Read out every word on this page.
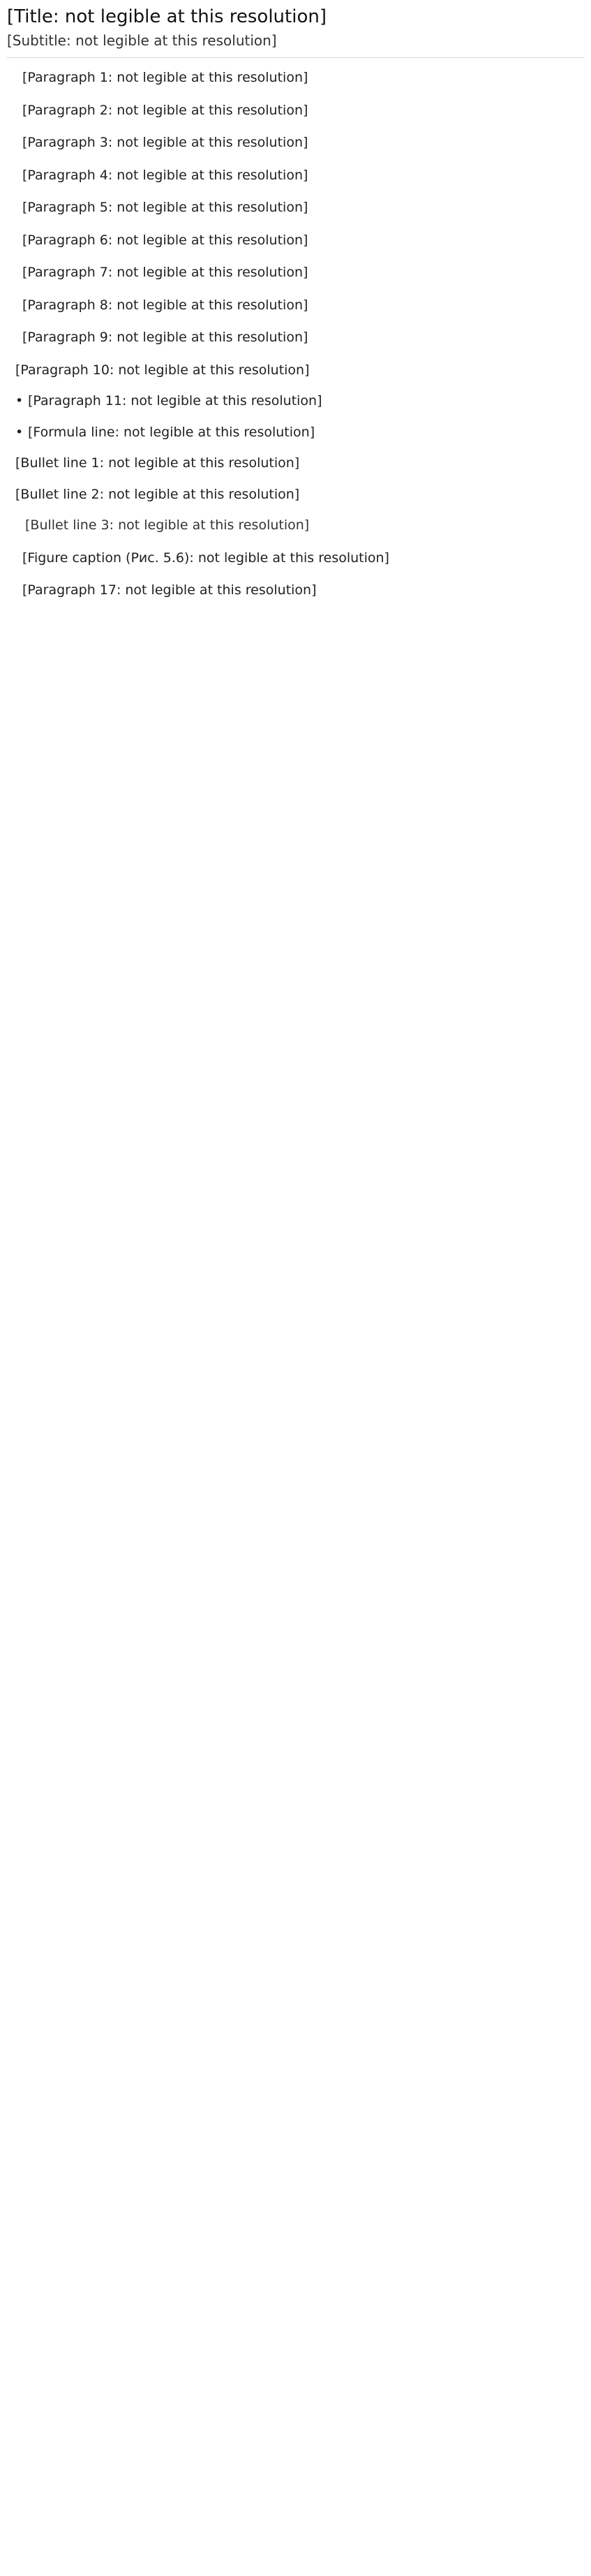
[Title: not legible at this resolution]
[Subtitle: not legible at this resolution]

[Paragraph 1: not legible at this resolution]

[Paragraph 2: not legible at this resolution]

[Paragraph 3: not legible at this resolution]

[Paragraph 4: not legible at this resolution]

[Paragraph 5: not legible at this resolution]

[Paragraph 6: not legible at this resolution]

[Paragraph 7: not legible at this resolution]

[Paragraph 8: not legible at this resolution]

[Paragraph 9: not legible at this resolution]

[Paragraph 10: not legible at this resolution]

• [Paragraph 11: not legible at this resolution]

• [Formula line: not legible at this resolution]

[Bullet line 1: not legible at this resolution]

[Bullet line 2: not legible at this resolution]

[Bullet line 3: not legible at this resolution]

[Figure caption (Рис. 5.6): not legible at this resolution]

[Paragraph 17: not legible at this resolution]
